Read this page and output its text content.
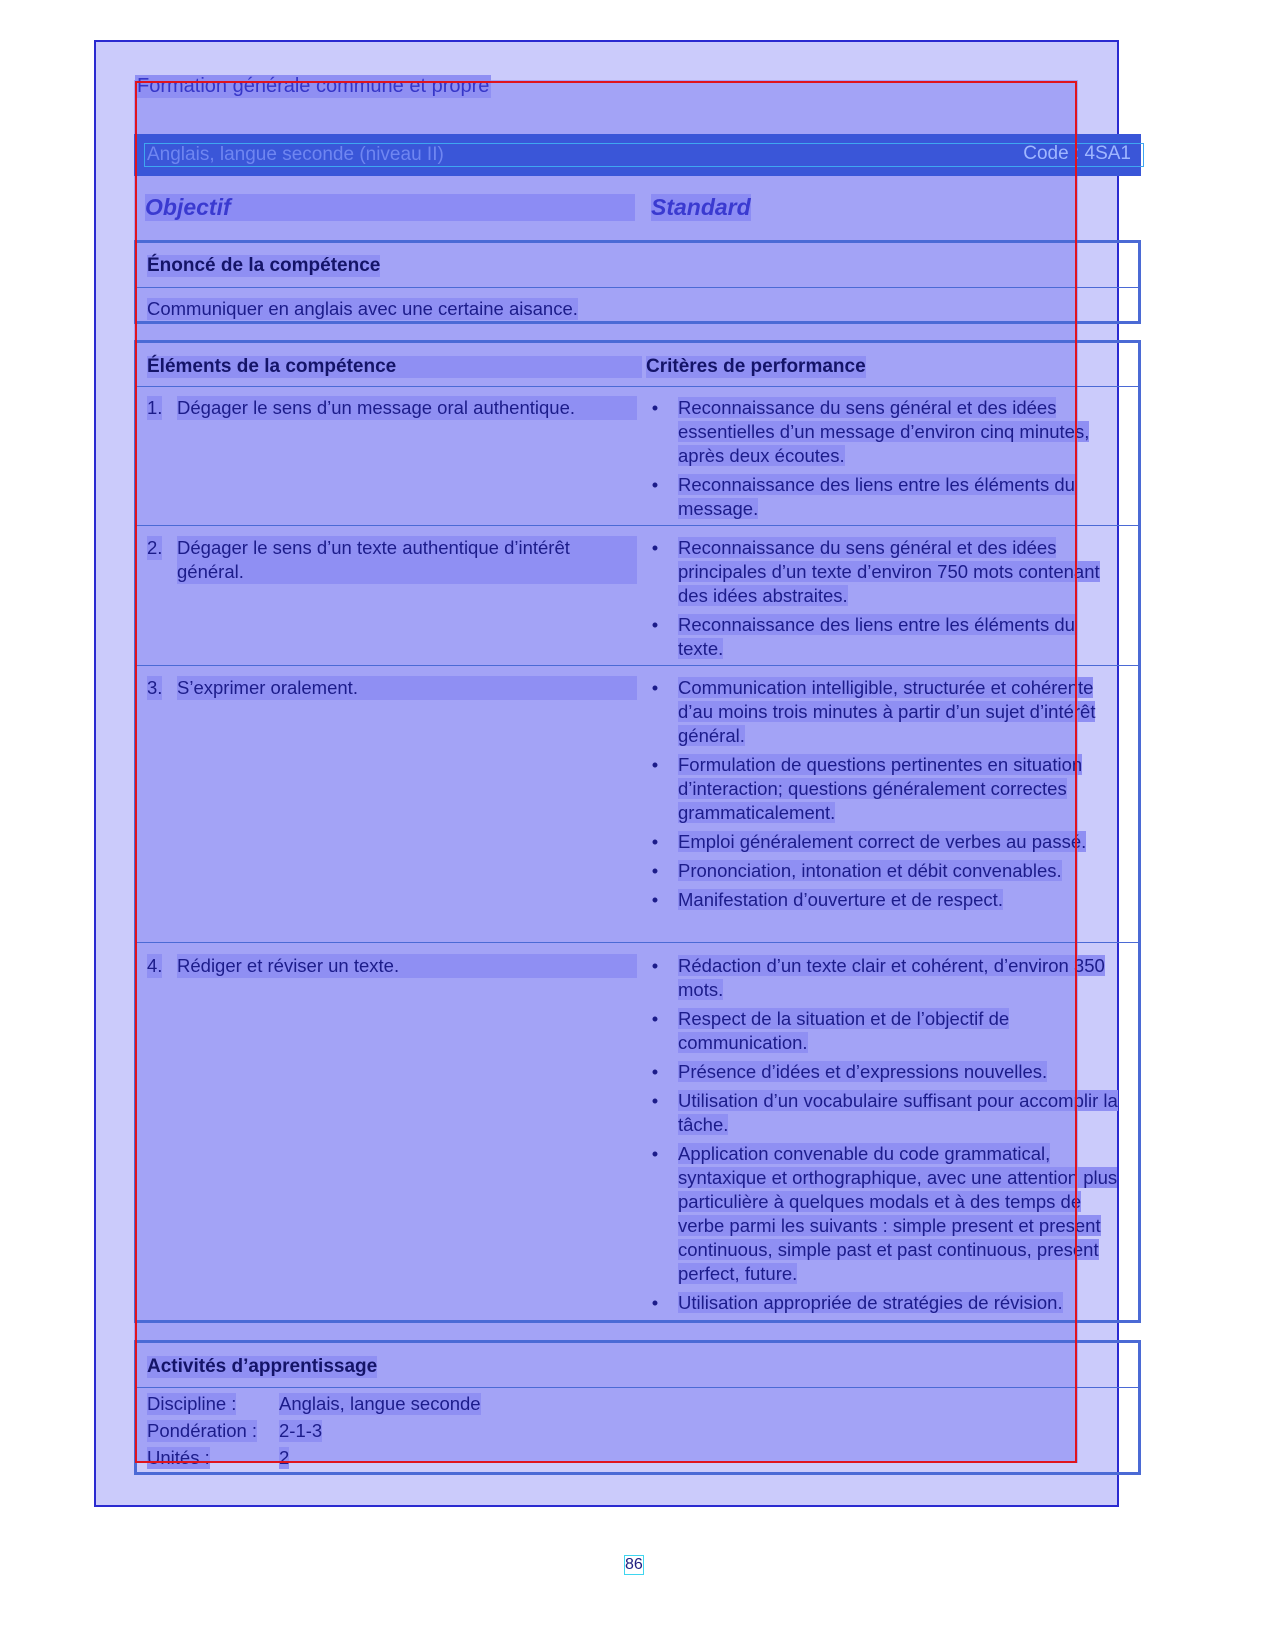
Formation générale commune et propre
Anglais, langue seconde (niveau II)	Code : 4SA1
Objectif	Standard
Énoncé de la compétence
Communiquer en anglais avec une certaine aisance.
Éléments de la compétence	Critères de performance
1. Dégager le sens d’un message oral authentique.	• Reconnaissance du sens général et des idées essentielles d’un message d’environ cinq minutes, après deux écoutes.
• Reconnaissance des liens entre les éléments du message.
2. Dégager le sens d’un texte authentique d’intérêt général.
• Reconnaissance du sens général et des idées principales d’un texte d’environ 750 mots contenant des idées abstraites.
• Reconnaissance des liens entre les éléments du texte.
3. S’exprimer oralement.	• Communication intelligible, structurée et cohérente d’au moins trois minutes à partir d’un sujet d’intérêt général.
• Formulation de questions pertinentes en situation d’interaction; questions généralement correctes grammaticalement.
• Emploi généralement correct de verbes au passé.
• Prononciation, intonation et débit convenables.
• Manifestation d’ouverture et de respect.
4. Rédiger et réviser un texte.	• Rédaction d’un texte clair et cohérent, d’environ 350 mots.
• Respect de la situation et de l’objectif de communication.
• Présence d’idées et d’expressions nouvelles.
• Utilisation d’un vocabulaire suffisant pour accomplir la tâche.
• Application convenable du code grammatical, syntaxique et orthographique, avec une attention plus particulière à quelques modals et à des temps de verbe parmi les suivants : simple present et present continuous, simple past et past continuous, present perfect, future.
• Utilisation appropriée de stratégies de révision.
Activités d’apprentissage
Discipline : Anglais, langue seconde
Pondération : 2-1-3
Unités :	2
86
